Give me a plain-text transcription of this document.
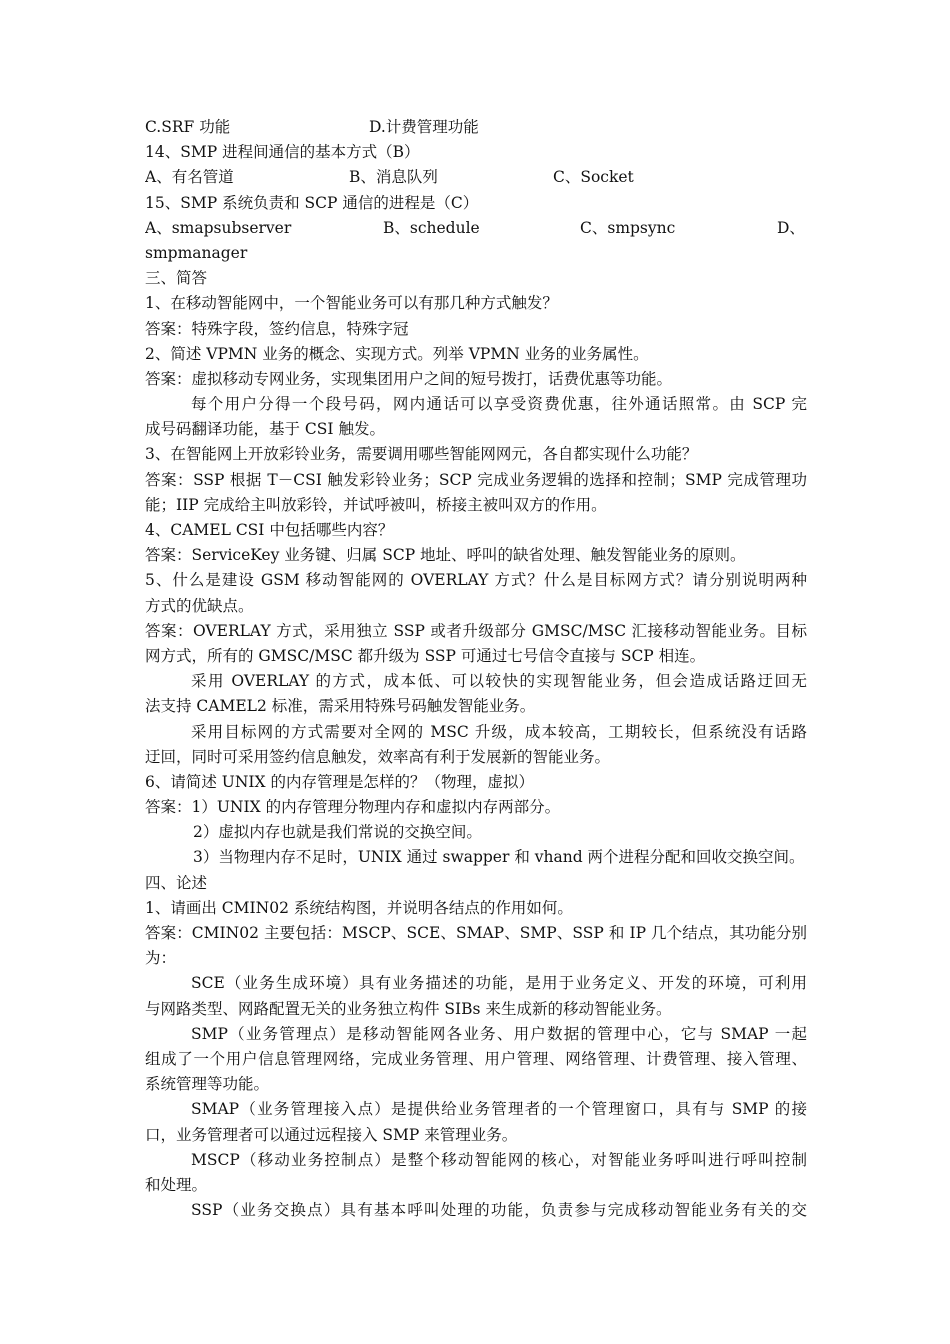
C.SRF 功能	D.计费管理功能
14、SMP 进程间通信的基本方式（B）
A、有名管道	B、消息队列	C、Socket
15、SMP 系统负责和 SCP 通信的进程是（C）
A、smapsubserver	B、schedule	C、smpsync	D、
smpmanager
三、简答
1、在移动智能网中，一个智能业务可以有那几种方式触发？
答案：特殊字段，签约信息，特殊字冠
2、简述 VPMN 业务的概念、实现方式。列举 VPMN 业务的业务属性。
答案：虚拟移动专网业务，实现集团用户之间的短号拨打，话费优惠等功能。
每个用户分得一个段号码，网内通话可以享受资费优惠，往外通话照常。由 SCP 完
成号码翻译功能，基于 CSI 触发。
3、在智能网上开放彩铃业务，需要调用哪些智能网网元，各自都实现什么功能？
答案：SSP 根据 T－CSI 触发彩铃业务；SCP 完成业务逻辑的选择和控制；SMP 完成管理功
能；IIP 完成给主叫放彩铃，并试呼被叫，桥接主被叫双方的作用。
4、CAMEL CSI 中包括哪些内容？
答案：ServiceKey 业务键、归属 SCP 地址、呼叫的缺省处理、触发智能业务的原则。
5、什么是建设 GSM 移动智能网的 OVERLAY 方式？什么是目标网方式？请分别说明两种
方式的优缺点。
答案：OVERLAY 方式，采用独立 SSP 或者升级部分 GMSC/MSC 汇接移动智能业务。目标
网方式，所有的 GMSC/MSC 都升级为 SSP 可通过七号信令直接与 SCP 相连。
采用 OVERLAY 的方式，成本低、可以较快的实现智能业务，但会造成话路迂回无
法支持 CAMEL2 标准，需采用特殊号码触发智能业务。
采用目标网的方式需要对全网的 MSC 升级，成本较高，工期较长，但系统没有话路
迂回，同时可采用签约信息触发，效率高有利于发展新的智能业务。
6、请简述 UNIX 的内存管理是怎样的？（物理，虚拟）
答案：1）UNIX 的内存管理分物理内存和虚拟内存两部分。
2）虚拟内存也就是我们常说的交换空间。
3）当物理内存不足时，UNIX 通过 swapper 和 vhand 两个进程分配和回收交换空间。
四、论述
1、请画出 CMIN02 系统结构图，并说明各结点的作用如何。
答案：CMIN02 主要包括：MSCP、SCE、SMAP、SMP、SSP 和 IP 几个结点，其功能分别
为：
SCE（业务生成环境）具有业务描述的功能，是用于业务定义、开发的环境，可利用
与网路类型、网路配置无关的业务独立构件 SIBs 来生成新的移动智能业务。
SMP（业务管理点）是移动智能网各业务、用户数据的管理中心，它与 SMAP 一起
组成了一个用户信息管理网络，完成业务管理、用户管理、网络管理、计费管理、接入管理、
系统管理等功能。
SMAP（业务管理接入点）是提供给业务管理者的一个管理窗口，具有与 SMP 的接
口，业务管理者可以通过远程接入 SMP 来管理业务。
MSCP（移动业务控制点）是整个移动智能网的核心，对智能业务呼叫进行呼叫控制
和处理。
SSP（业务交换点）具有基本呼叫处理的功能，负责参与完成移动智能业务有关的交
